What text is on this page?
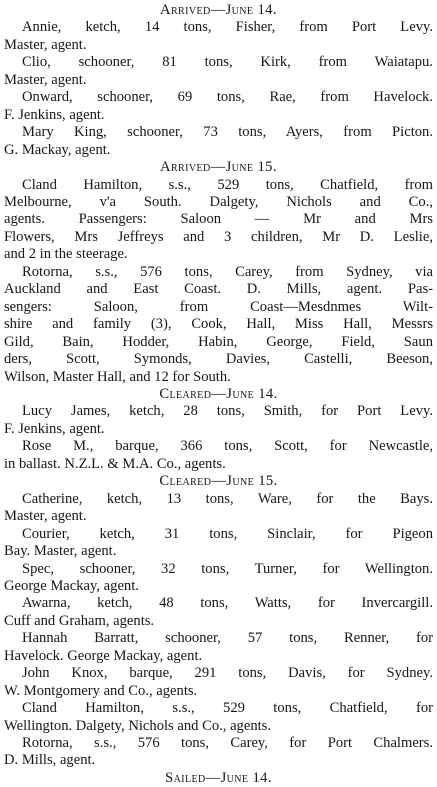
Arrived—June 14.
Annie, ketch, 14 tons, Fisher, from Port Levy.
Master, agent.
Clio, schooner, 81 tons, Kirk, from Waiatapu.
Master, agent.
Onward, schooner, 69 tons, Rae, from Havelock.
F. Jenkins, agent.
Mary King, schooner, 73 tons, Ayers, from Picton.
G. Mackay, agent.
Arrived—June 15.
Cland Hamilton, s.s., 529 tons, Chatfield, from
Melbourne, v'a South. Dalgety, Nichols and Co.,
agents. Passengers: Saloon — Mr and Mrs
Flowers, Mrs Jeffreys and 3 children, Mr D. Leslie,
and 2 in the steerage.
Rotorna, s.s., 576 tons, Carey, from Sydney, via
Auckland and East Coast. D. Mills, agent. Pas-
sengers: Saloon, from Coast—Mesdnmes Wilt-
shire and family (3), Cook, Hall, Miss Hall, Messrs
Gild, Bain, Hodder, Habin, George, Field, Saun
ders, Scott, Symonds, Davies, Castelli, Beeson,
Wilson, Master Hall, and 12 for South.
Cleared—June 14.
Lucy James, ketch, 28 tons, Smith, for Port Levy.
F. Jenkins, agent.
Rose M., barque, 366 tons, Scott, for Newcastle,
in ballast. N.Z.L. & M.A. Co., agents.
Cleared—June 15.
Catherine, ketch, 13 tons, Ware, for the Bays.
Master, agent.
Courier, ketch, 31 tons, Sinclair, for Pigeon
Bay. Master, agent.
Spec, schooner, 32 tons, Turner, for Wellington.
George Mackay, agent.
Awarna, ketch, 48 tons, Watts, for Invercargill.
Cuff and Graham, agents.
Hannah Barratt, schooner, 57 tons, Renner, for
Havelock. George Mackay, agent.
John Knox, barque, 291 tons, Davis, for Sydney.
W. Montgomery and Co., agents.
Cland Hamilton, s.s., 529 tons, Chatfield, for
Wellington. Dalgety, Nichols and Co., agents.
Rotorna, s.s., 576 tons, Carey, for Port Chalmers.
D. Mills, agent.
Sailed—June 14.
